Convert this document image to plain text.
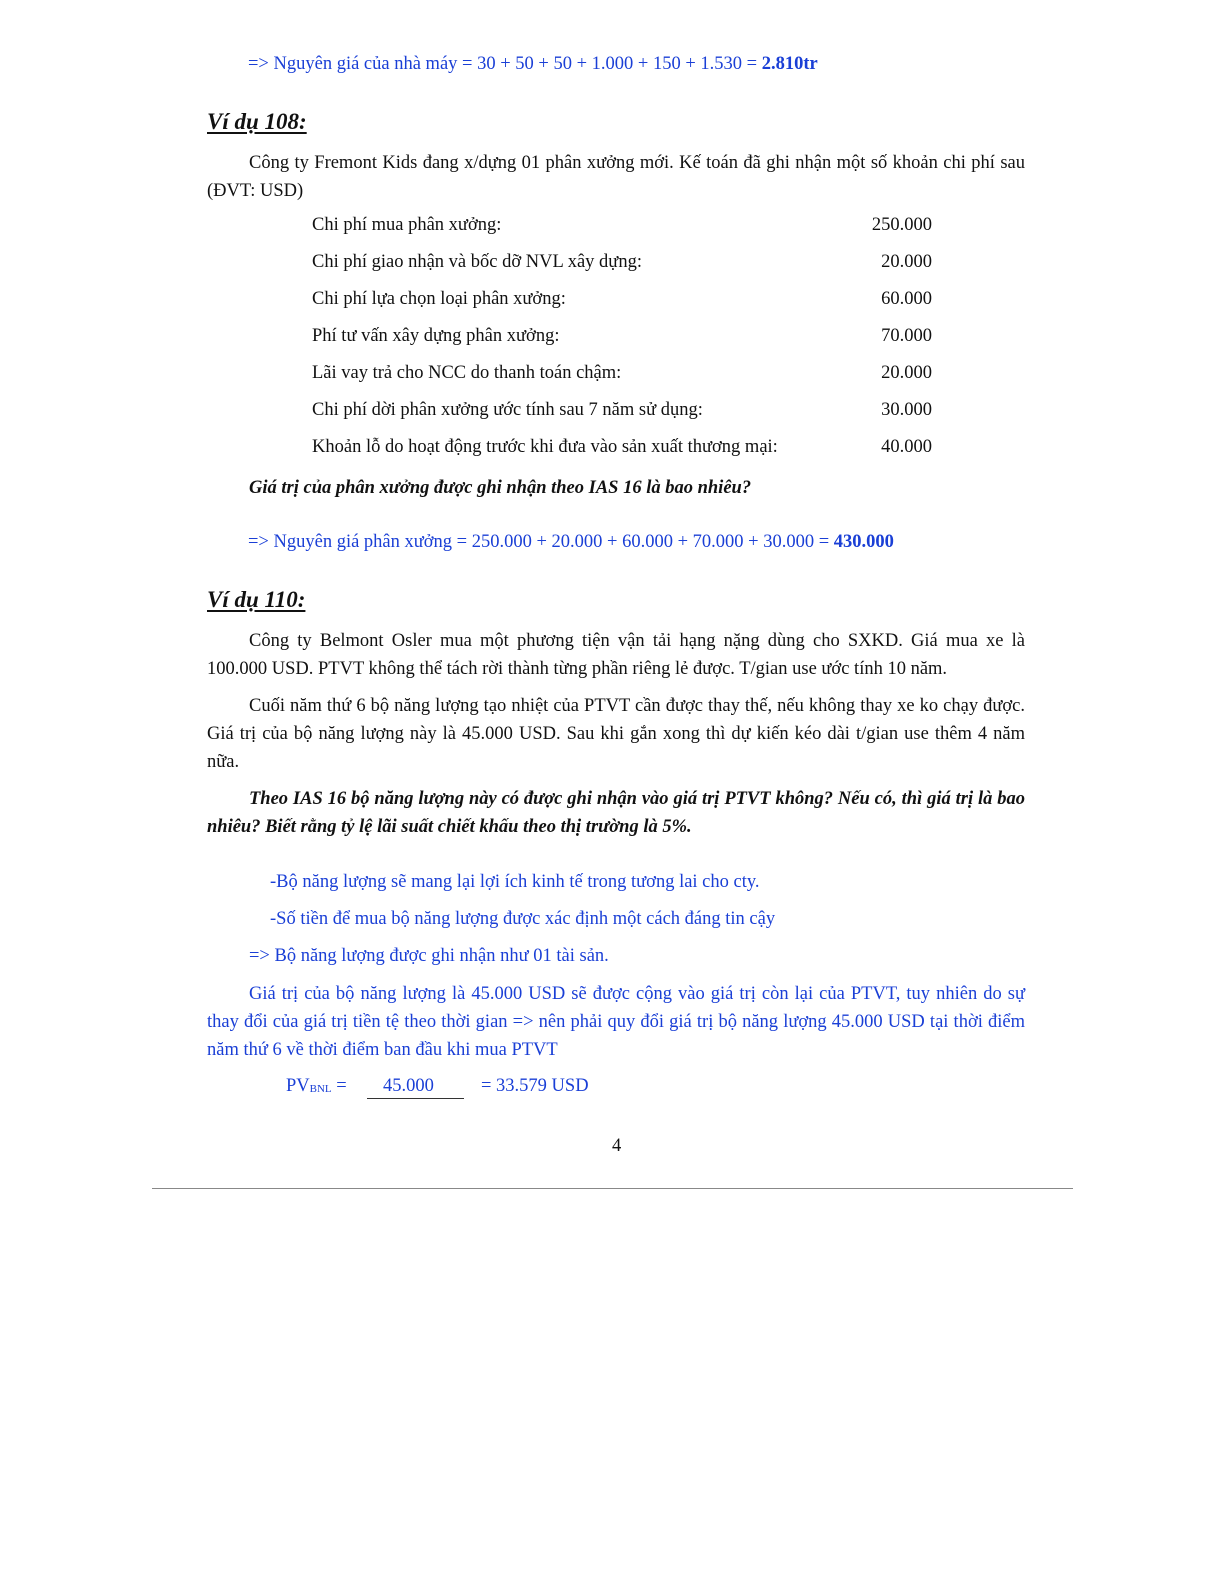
=> Nguyên giá của nhà máy = 30 + 50 + 50 + 1.000 + 150 + 1.530 = 2.810tr
Ví dụ 108:
Công ty Fremont Kids đang x/dựng 01 phân xưởng mới. Kế toán đã ghi nhận một số khoản chi phí sau (ĐVT: USD)
Chi phí mua phân xưởng:	250.000
Chi phí giao nhận và bốc dỡ NVL xây dựng:	20.000
Chi phí lựa chọn loại phân xưởng:	60.000
Phí tư vấn xây dựng phân xưởng:	70.000
Lãi vay trả cho NCC do thanh toán chậm:	20.000
Chi phí dời phân xưởng ước tính sau 7 năm sử dụng:	30.000
Khoản lỗ do hoạt động trước khi đưa vào sản xuất thương mại:	40.000
Giá trị của phân xưởng được ghi nhận theo IAS 16 là bao nhiêu?
=> Nguyên giá phân xưởng = 250.000 + 20.000 + 60.000 + 70.000 + 30.000 = 430.000
Ví dụ 110:
Công ty Belmont Osler mua một phương tiện vận tải hạng nặng dùng cho SXKD. Giá mua xe là 100.000 USD. PTVT không thể tách rời thành từng phần riêng lẻ được. T/gian use ước tính 10 năm.
Cuối năm thứ 6 bộ năng lượng tạo nhiệt của PTVT cần được thay thế, nếu không thay xe ko chạy được. Giá trị của bộ năng lượng này là 45.000 USD. Sau khi gắn xong thì dự kiến kéo dài t/gian use thêm 4 năm nữa.
Theo IAS 16 bộ năng lượng này có được ghi nhận vào giá trị PTVT không? Nếu có, thì giá trị là bao nhiêu? Biết rằng tỷ lệ lãi suất chiết khấu theo thị trường là 5%.
-Bộ năng lượng sẽ mang lại lợi ích kinh tế trong tương lai cho cty.
-Số tiền để mua bộ năng lượng được xác định một cách đáng tin cậy
=> Bộ năng lượng được ghi nhận như 01 tài sản.
Giá trị của bộ năng lượng là 45.000 USD sẽ được cộng vào giá trị còn lại của PTVT, tuy nhiên do sự thay đổi của giá trị tiền tệ theo thời gian => nên phải quy đổi giá trị bộ năng lượng 45.000 USD tại thời điểm năm thứ 6 về thời điểm ban đầu khi mua PTVT
$PV_{BNL} = 45.000$	= 33.579 USD
4
